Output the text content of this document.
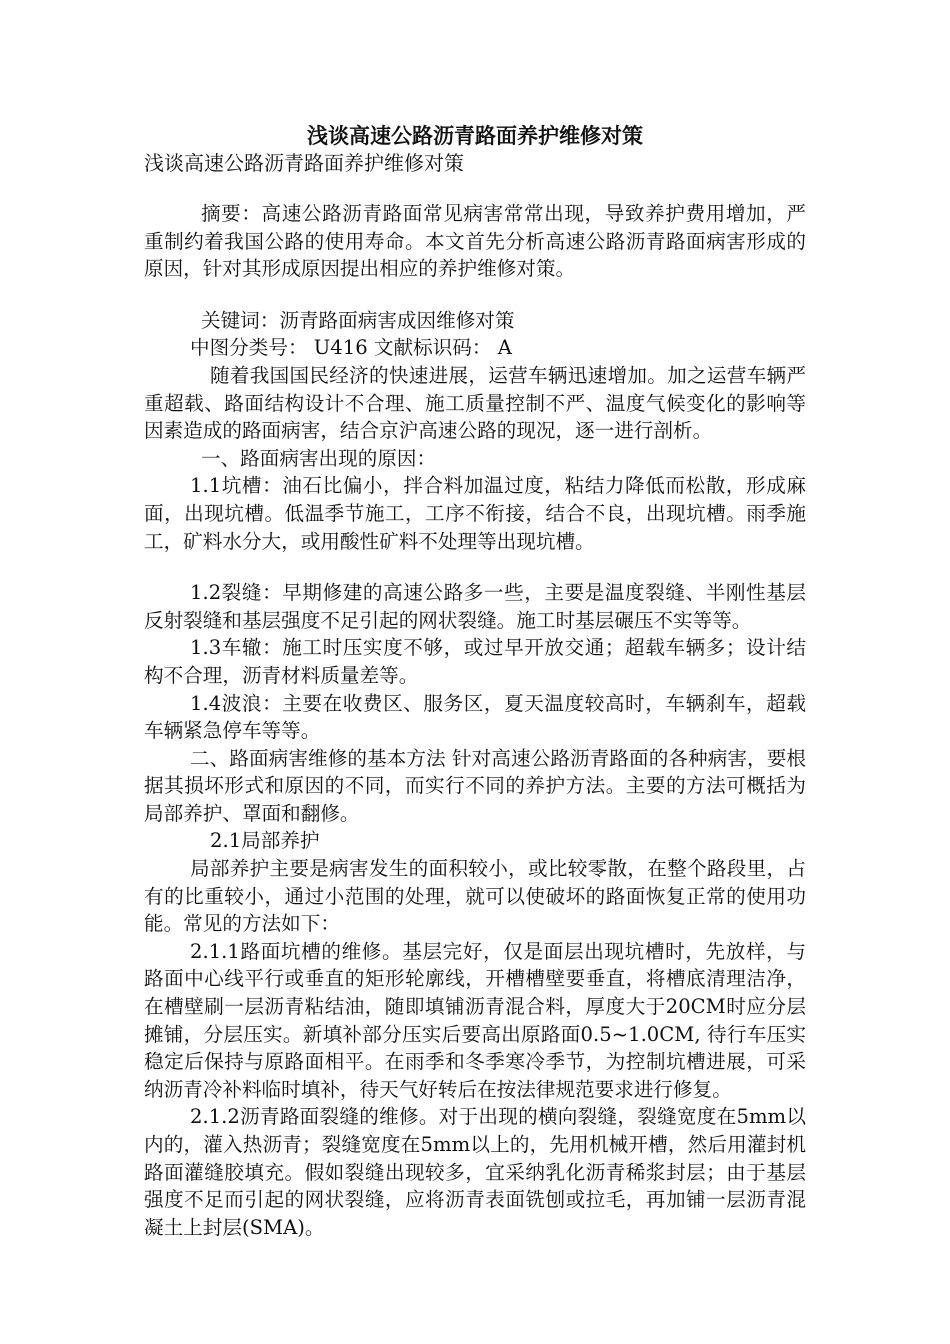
浅谈高速公路沥青路面养护维修对策
浅谈高速公路沥青路面养护维修对策

摘要：高速公路沥青路面常见病害常常出现，导致养护费用增加，严重制约着我国公路的使用寿命。本文首先分析高速公路沥青路面病害形成的原因，针对其形成原因提出相应的养护维修对策。

关键词：沥青路面病害成因维修对策

中图分类号： U416 文献标识码： A

随着我国国民经济的快速进展，运营车辆迅速增加。加之运营车辆严重超载、路面结构设计不合理、施工质量控制不严、温度气候变化的影响等因素造成的路面病害，结合京沪高速公路的现况，逐一进行剖析。

一、路面病害出现的原因：

1.1坑槽：油石比偏小，拌合料加温过度，粘结力降低而松散，形成麻面，出现坑槽。低温季节施工，工序不衔接，结合不良，出现坑槽。雨季施工，矿料水分大，或用酸性矿料不处理等出现坑槽。

1.2裂缝：早期修建的高速公路多一些，主要是温度裂缝、半刚性基层反射裂缝和基层强度不足引起的网状裂缝。施工时基层碾压不实等等。

1.3车辙：施工时压实度不够，或过早开放交通；超载车辆多；设计结构不合理，沥青材料质量差等。

1.4波浪：主要在收费区、服务区，夏天温度较高时，车辆刹车，超载车辆紧急停车等等。

二、路面病害维修的基本方法 针对高速公路沥青路面的各种病害，要根据其损坏形式和原因的不同，而实行不同的养护方法。主要的方法可概括为局部养护、罩面和翻修。

2.1局部养护

局部养护主要是病害发生的面积较小，或比较零散，在整个路段里，占有的比重较小，通过小范围的处理，就可以使破坏的路面恢复正常的使用功能。常见的方法如下：

2.1.1路面坑槽的维修。基层完好，仅是面层出现坑槽时，先放样，与路面中心线平行或垂直的矩形轮廓线，开槽槽壁要垂直，将槽底清理洁净，在槽壁刷一层沥青粘结油，随即填铺沥青混合料，厚度大于20CM时应分层摊铺，分层压实。新填补部分压实后要高出原路面0.5~1.0CM, 待行车压实稳定后保持与原路面相平。在雨季和冬季寒冷季节，为控制坑槽进展，可采纳沥青冷补料临时填补，待天气好转后在按法律规范要求进行修复。

2.1.2沥青路面裂缝的维修。对于出现的横向裂缝，裂缝宽度在5mm以内的，灌入热沥青；裂缝宽度在5mm以上的，先用机械开槽，然后用灌封机路面灌缝胶填充。假如裂缝出现较多，宜采纳乳化沥青稀浆封层；由于基层强度不足而引起的网状裂缝，应将沥青表面铣刨或拉毛，再加铺一层沥青混凝土上封层(SMA)。
